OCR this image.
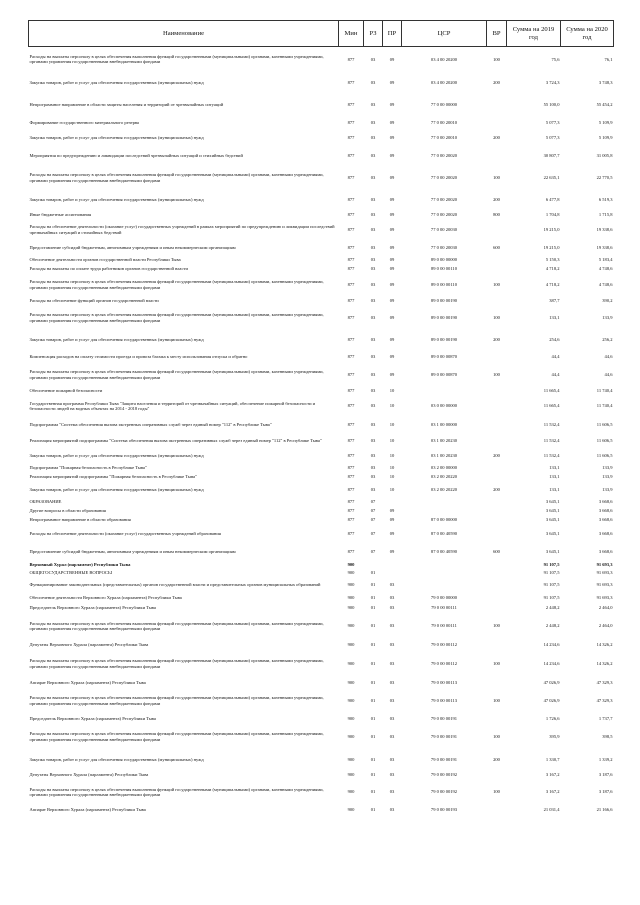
Наименование	Мин	РЗ	ПР	ЦСР	ВР	Сумма на 2019 год	Сумма на 2020 год
Расходы на выплаты персоналу в целях обеспечения выполнения функций государственными (муниципальными) органами, казенными учреждениями, органами управления государственными внебюджетными фондами	877	03	09	03 4 00 20200	100	75,6	76,1
Закупка товаров, работ и услуг для обеспечения государственных (муниципальных) нужд	877	03	09	03 4 00 20200	200	3 724,3	3 748,3
Непрограммное направление в области защиты населения и территорий от чрезвычайных ситуаций	877	03	09	77 0 00 00000		55 100,0	55 454,2
Формирование государственного материального резерва	877	03	09	77 0 00 20010		5 077,3	5 109,9
Закупка товаров, работ и услуг для обеспечения государственных (муниципальных) нужд	877	03	09	77 0 00 20010	200	5 077,3	5 109,9
Мероприятия по предупреждению и ликвидации последствий чрезвычайных ситуаций и стихийных бедствий	877	03	09	77 0 00 20020		30 807,7	31 005,8
Расходы на выплаты персоналу в целях обеспечения выполнения функций государственными (муниципальными) органами, казенными учреждениями, органами управления государственными внебюджетными фондами	877	03	09	77 0 00 20020	100	22 635,1	22 770,5
Закупка товаров, работ и услуг для обеспечения государственных (муниципальных) нужд	877	03	09	77 0 00 20020	200	6 477,8	6 519,3
Иные бюджетные ассигнования	877	03	09	77 0 00 20020	800	1 704,8	1 715,8
Расходы на обеспечение деятельности (оказание услуг) государственных учреждений в рамках мероприятий по предупреждению и ликвидации последствий чрезвычайных ситуаций и стихийных бедствий	877	03	09	77 0 00 20030		19 215,0	19 338,6
Предоставление субсидий бюджетным, автономным учреждениям и иным некоммерческим организациям	877	03	09	77 0 00 20030	600	19 215,0	19 338,6
Обеспечение деятельности органов государственной власти Республики Тыва	877	03	09	89 0 00 00000		5 150,3	5 183,4
Расходы на выплаты по оплате труда работников органов государственной власти	877	03	09	89 0 00 00110		4 718,2	4 748,6
Расходы на выплаты персоналу в целях обеспечения выполнения функций государственными (муниципальными) органами, казенными учреждениями, органами управления государственными внебюджетными фондами	877	03	09	89 0 00 00110	100	4 718,2	4 748,6
Расходы на обеспечение функций органов государственной власти	877	03	09	89 0 00 00190		387,7	390,2
Расходы на выплаты персоналу в целях обеспечения выполнения функций государственными (муниципальными) органами, казенными учреждениями, органами управления государственными внебюджетными фондами	877	03	09	89 0 00 00190	100	133,1	133,9
Закупка товаров, работ и услуг для обеспечения государственных (муниципальных) нужд	877	03	09	89 0 00 00190	200	254,6	256,2
Компенсация расходов на оплату стоимости проезда и провоза багажа к месту использования отпуска и обратно	877	03	09	89 0 00 00870		44,4	44,6
Расходы на выплаты персоналу в целях обеспечения выполнения функций государственными (муниципальными) органами, казенными учреждениями, органами управления государственными внебюджетными фондами	877	03	09	89 0 00 00870	100	44,4	44,6
Обеспечение пожарной безопасности	877	03	10			11 665,4	11 740,4
Государственная программа Республики Тыва "Защита населения и территорий от чрезвычайных ситуаций, обеспечение пожарной безопасности и безопасности людей на водных объектах на 2014 - 2018 годы"	877	03	10	03 0 00 00000		11 665,4	11 740,4
Подпрограмма "Система обеспечения вызова экстренных оперативных служб через единый номер "112" в Республике Тыва"	877	03	10	03 1 00 00000		11 532,4	11 606,5
Реализация мероприятий подпрограммы "Система обеспечения вызова экстренных оперативных служб через единый номер "112" в Республике Тыва"	877	03	10	03 1 00 20230		11 532,4	11 606,5
Закупка товаров, работ и услуг для обеспечения государственных (муниципальных) нужд	877	03	10	03 1 00 20230	200	11 532,4	11 606,5
Подпрограмма "Пожарная безопасность в Республике Тыва"	877	03	10	03 2 00 00000		133,1	133,9
Реализация мероприятий подпрограммы "Пожарная безопасность в Республике Тыва"	877	03	10	03 2 00 20220		133,1	133,9
Закупка товаров, работ и услуг для обеспечения государственных (муниципальных) нужд	877	03	10	03 2 00 20220	200	133,1	133,9
ОБРАЗОВАНИЕ	877	07				3 645,1	3 668,6
Другие вопросы в области образования	877	07	09			3 645,1	3 668,6
Непрограммное направление в области образования	877	07	09	87 0 00 00000		3 645,1	3 668,6
Расходы на обеспечение деятельности (оказание услуг) государственных учреждений образования	877	07	09	87 0 00 40590		3 645,1	3 668,6
Предоставление субсидий бюджетным, автономным учреждениям и иным некоммерческим организациям	877	07	09	87 0 00 40590	600	3 645,1	3 668,6
Верховный Хурал (парламент) Республики Тыва	900					91 107,5	91 693,3
ОБЩЕГОСУДАРСТВЕННЫЕ ВОПРОСЫ	900	01				91 107,5	91 693,3
Функционирование законодательных (представительных) органов государственной власти и представительных органов муниципальных образований	900	01	03			91 107,5	91 693,3
Обеспечение деятельности Верховного Хурала (парламента) Республики Тыва	900	01	03	79 0 00 00000		91 107,5	91 693,3
Председатель Верховного Хурала (парламента) Республики Тыва	900	01	03	79 0 00 00111		2 448,2	2 464,0
Расходы на выплаты персоналу в целях обеспечения выполнения функций государственными (муниципальными) органами, казенными учреждениями, органами управления государственными внебюджетными фондами	900	01	03	79 0 00 00111	100	2 448,2	2 464,0
Депутаты Верховного Хурала (парламента) Республики Тыва	900	01	03	79 0 00 00112		14 234,6	14 326,2
Расходы на выплаты персоналу в целях обеспечения выполнения функций государственными (муниципальными) органами, казенными учреждениями, органами управления государственными внебюджетными фондами	900	01	03	79 0 00 00112	100	14 234,6	14 326,2
Аппарат Верховного Хурала (парламента) Республики Тыва	900	01	03	79 0 00 00113		47 026,9	47 329,3
Расходы на выплаты персоналу в целях обеспечения выполнения функций государственными (муниципальными) органами, казенными учреждениями, органами управления государственными внебюджетными фондами	900	01	03	79 0 00 00113	100	47 026,9	47 329,3
Председатель Верховного Хурала (парламента) Республики Тыва	900	01	03	79 0 00 00191		1 726,6	1 737,7
Расходы на выплаты персоналу в целях обеспечения выполнения функций государственными (муниципальными) органами, казенными учреждениями, органами управления государственными внебюджетными фондами	900	01	03	79 0 00 00191	100	395,9	398,5
Закупка товаров, работ и услуг для обеспечения государственных (муниципальных) нужд	900	01	03	79 0 00 00191	200	1 330,7	1 339,2
Депутаты Верховного Хурала (парламента) Республики Тыва	900	01	03	79 0 00 00192		3 167,2	3 187,6
Расходы на выплаты персоналу в целях обеспечения выполнения функций государственными (муниципальными) органами, казенными учреждениями, органами управления государственными внебюджетными фондами	900	01	03	79 0 00 00192	100	3 167,2	3 187,6
Аппарат Верховного Хурала (парламента) Республики Тыва	900	01	03	79 0 00 00193		21 031,4	21 166,6
